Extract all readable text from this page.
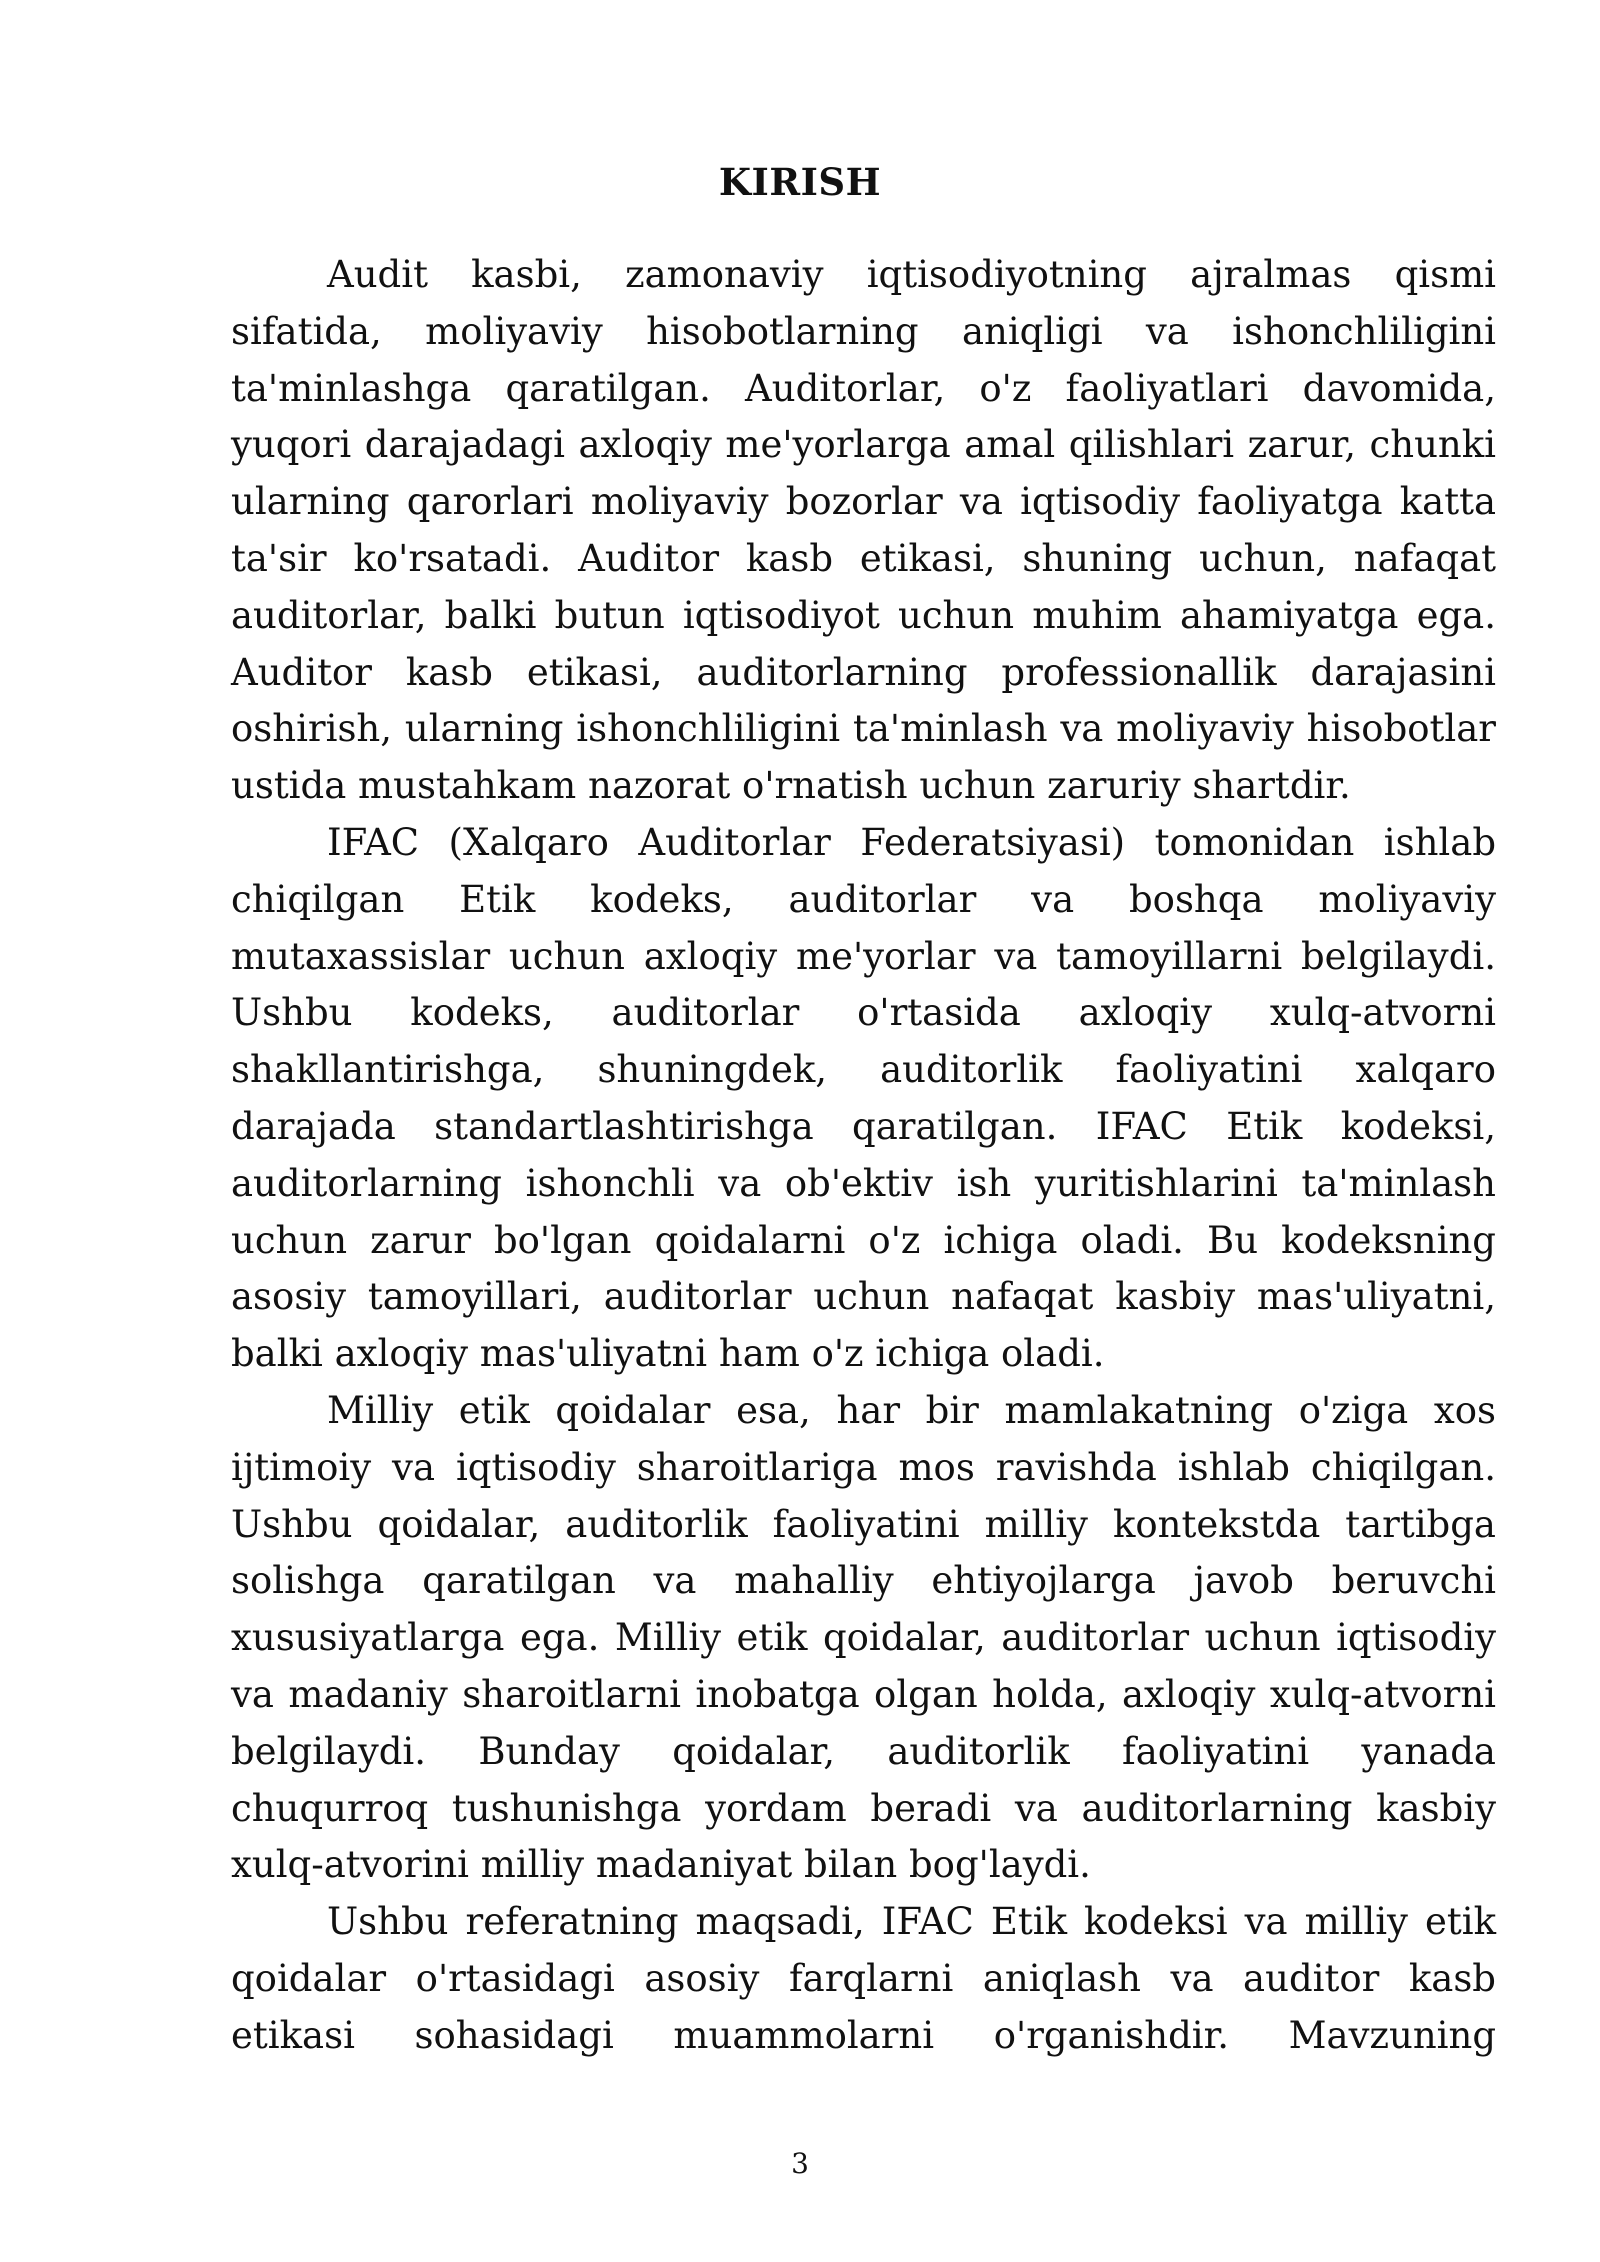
KIRISH

Audit kasbi, zamonaviy iqtisodiyotning ajralmas qismi sifatida, moliyaviy hisobotlarning aniqligi va ishonchliligini ta'minlashga qaratilgan. Auditorlar, o'z faoliyatlari davomida, yuqori darajadagi axloqiy me'yorlarga amal qilishlari zarur, chunki ularning qarorlari moliyaviy bozorlar va iqtisodiy faoliyatga katta ta'sir ko'rsatadi. Auditor kasb etikasi, shuning uchun, nafaqat auditorlar, balki butun iqtisodiyot uchun muhim ahamiyatga ega. Auditor kasb etikasi, auditorlarning professionallik darajasini oshirish, ularning ishonchliligini ta'minlash va moliyaviy hisobotlar ustida mustahkam nazorat o'rnatish uchun zaruriy shartdir.

IFAC (Xalqaro Auditorlar Federatsiyasi) tomonidan ishlab chiqilgan Etik kodeks, auditorlar va boshqa moliyaviy mutaxassislar uchun axloqiy me'yorlar va tamoyillarni belgilaydi. Ushbu kodeks, auditorlar o'rtasida axloqiy xulq-atvorni shakllantirishga, shuningdek, auditorlik faoliyatini xalqaro darajada standartlashtirishga qaratilgan. IFAC Etik kodeksi, auditorlarning ishonchli va ob'ektiv ish yuritishlarini ta'minlash uchun zarur bo'lgan qoidalarni o'z ichiga oladi. Bu kodeksning asosiy tamoyillari, auditorlar uchun nafaqat kasbiy mas'uliyatni, balki axloqiy mas'uliyatni ham o'z ichiga oladi.

Milliy etik qoidalar esa, har bir mamlakatning o'ziga xos ijtimoiy va iqtisodiy sharoitlariga mos ravishda ishlab chiqilgan. Ushbu qoidalar, auditorlik faoliyatini milliy kontekstda tartibga solishga qaratilgan va mahalliy ehtiyojlarga javob beruvchi xususiyatlarga ega. Milliy etik qoidalar, auditorlar uchun iqtisodiy va madaniy sharoitlarni inobatga olgan holda, axloqiy xulq-atvorni belgilaydi. Bunday qoidalar, auditorlik faoliyatini yanada chuqurroq tushunishga yordam beradi va auditorlarning kasbiy xulq-atvorini milliy madaniyat bilan bog'laydi.

Ushbu referatning maqsadi, IFAC Etik kodeksi va milliy etik qoidalar o'rtasidagi asosiy farqlarni aniqlash va auditor kasb etikasi sohasidagi muammolarni o'rganishdir. Mavzuning

3
